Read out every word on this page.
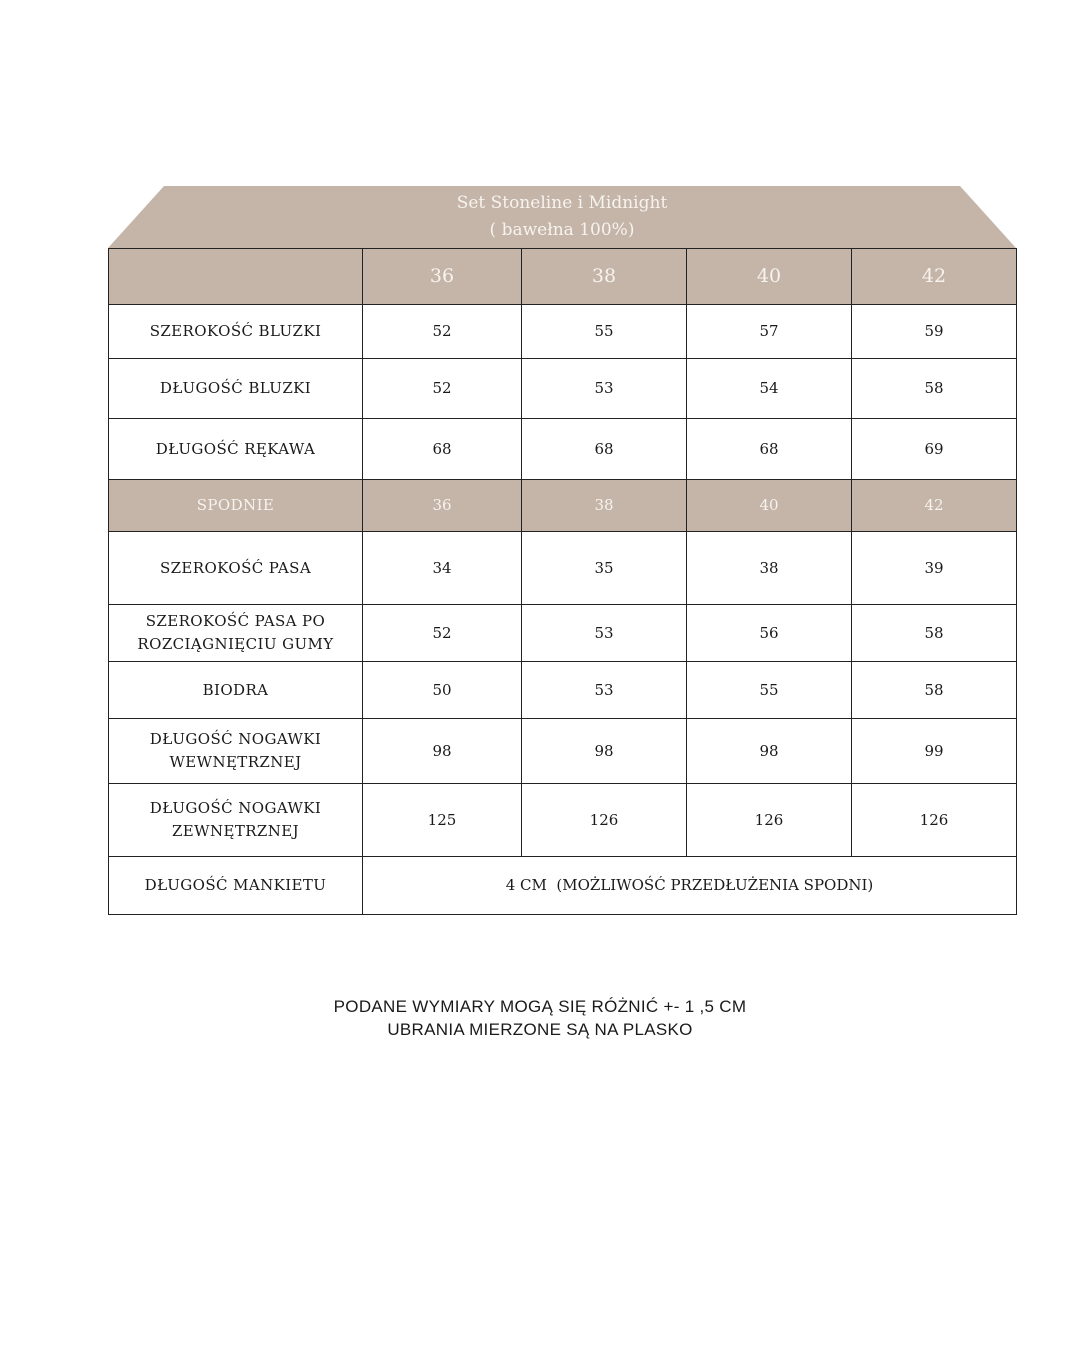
Set Stoneline i Midnight
( bawełna 100%)
	36	38	40	42
SZEROKOŚĆ BLUZKI	52	55	57	59
DŁUGOŚĆ BLUZKI	52	53	54	58
DŁUGOŚĆ RĘKAWA	68	68	68	69
SPODNIE	36	38	40	42
SZEROKOŚĆ PASA	34	35	38	39
SZEROKOŚĆ PASA PO ROZCIĄGNIĘCIU GUMY	52	53	56	58
BIODRA	50	53	55	58
DŁUGOŚĆ NOGAWKI WEWNĘTRZNEJ	98	98	98	99
DŁUGOŚĆ NOGAWKI ZEWNĘTRZNEJ	125	126	126	126
DŁUGOŚĆ MANKIETU	4 CM  (MOŻLIWOŚĆ PRZEDŁUŻENIA SPODNI)			
PODANE WYMIARY MOGĄ SIĘ RÓŻNIĆ +- 1 ,5 CM
UBRANIA MIERZONE SĄ NA PLASKO
